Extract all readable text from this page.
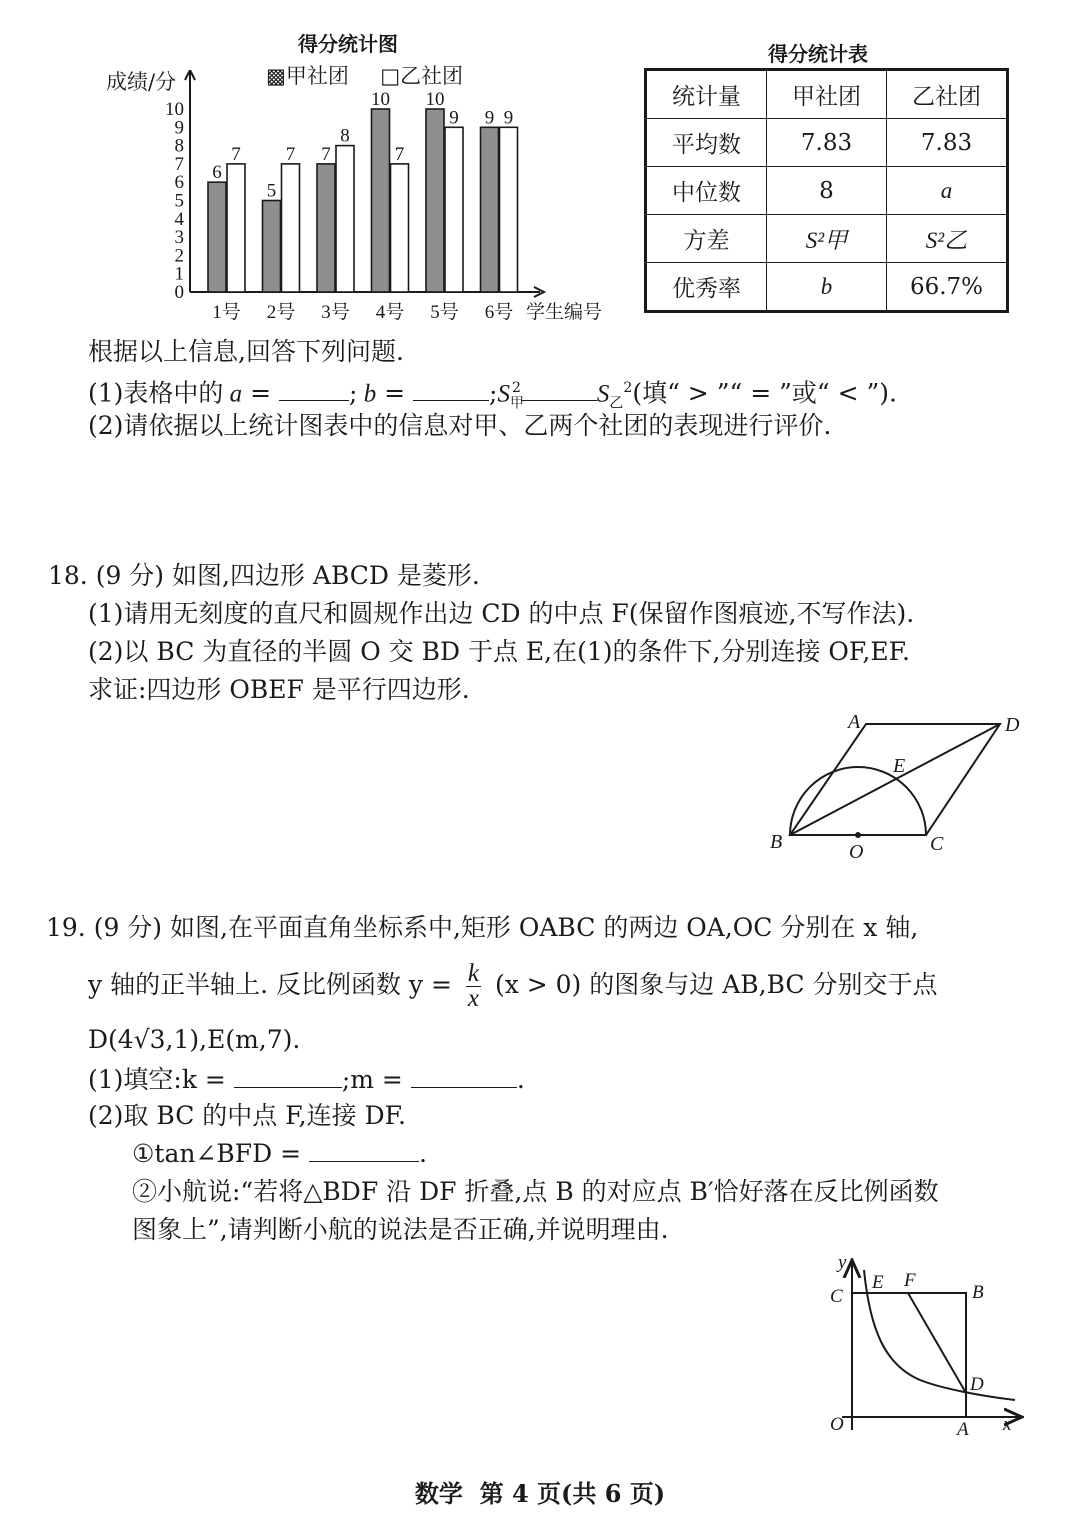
得分统计图
▩甲社团 □乙社团
成绩/分
0
1
2
3
4
5
6
7
8
9
10
6
7
1号
5
7
2号
7
8
3号
10
7
4号
10
9
5号
9 9
6号 学生编号
得分统计表
统计量	甲社团	乙社团
平均数	7.83	7.83
中位数	8	a
方差	S²甲	S²乙
优秀率	b	66.7%
根据以上信息,回答下列问题.
(1)表格中的 a =	; b =	$;S_甲^2$	$S_乙^2$(填“ > ”“ = ”或“ < ”).
(2)请依据以上统计图表中的信息对甲、乙两个社团的表现进行评价.
18. (9 分) 如图,四边形 ABCD 是菱形.
(1)请用无刻度的直尺和圆规作出边 CD 的中点 F(保留作图痕迹,不写作法).
(2)以 BC 为直径的半圆 O 交 BD 于点 E,在(1)的条件下,分别连接 OF,EF.
求证:四边形 OBEF 是平行四边形.
A	D
E
B	O	C
19. (9 分) 如图,在平面直角坐标系中,矩形 OABC 的两边 OA,OC 分别在 x 轴,
y 轴的正半轴上. 反比例函数 $y = \frac{k}{x} (x > 0)$ 的图象与边 AB,BC 分别交于点
D(4√3,1),E(m,7).
(1)填空:k =	;m =	.
(2)取 BC 的中点 F,连接 DF.
①tan∠BFD =	.
②小航说:“若将△BDF 沿 DF 折叠,点 B 的对应点 B′恰好落在反比例函数
图象上”,请判断小航的说法是否正确,并说明理由.
y
E F
B
C
D
O	A x
数学  第 4 页(共 6 页)
